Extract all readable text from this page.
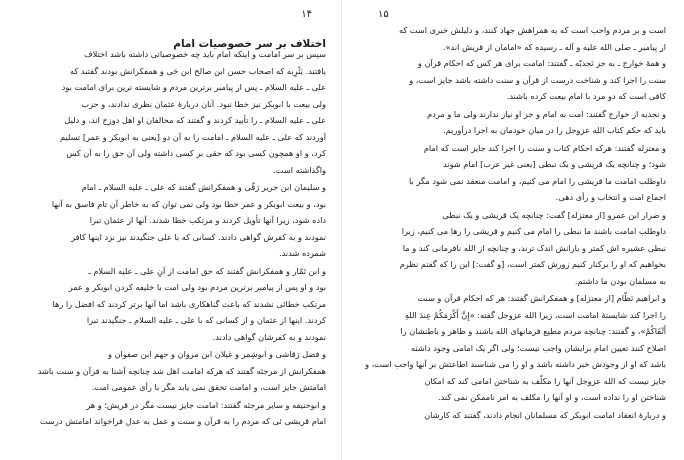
۱۵
است و بر مردم واجب است که به همراهش جهاد کنند، و دلیلش خبری است که
از پیامبر ـ صلی الله علیه و آله ـ رسیده که «امامان از قریش اند».
و همهٔ خوارج ـ به جز نَجدیّه ـ گفتند: امامت برای هر کس که احکام قرآن و
سنت را اجرا کند و شناخت درست از قرآن و سنت داشته باشد جایز است، و
کافی است که دو مرد با امام بیعت کرده باشند.
و نجدیه از خوارج گفتند: امت به امام و جز او نیاز ندارند ولی ما و مردم
باید که حکم کتاب الله عزوجل را در میان خودمان به اجرا درآوریم.
و معتزله گفتند: هرکه احکام کتاب و سنت را اجرا کند جایز است که امام
شود؛ و چنانچه یک قریشی و یک نبطی [یعنی غیر عرب] امام شوند
داوطلب امامت ما قریشی را امام می کنیم، و امامت منعقد نمی شود مگر با
اجماع امت و انتخاب و رأی دهی.
و ضرار ابن عمرو [از معتزله] گفت: چنانچه یک قریشی و یک نبطی
داوطلب امامت باشند ما نبطی را امام می کنیم و قریشی را رها می کنیم، زیرا
نبطی عشیره اش کمتر و یارانش اندک ترند، و چنانچه از الله نافرمانی کند و ما
بخواهیم که او را برکنار کنیم زورش کمتر است، [و گفت:] این را که گفتم نظرم
به مسلمان بودن ما داشتم.
و ابراهیم نَظّام [از معتزله] و همفکرانش گفتند: هر که احکام قرآن و سنت
را اجرا کند شایستهٔ امامت است، زیرا الله عزوجل گفته: «إِنَّ أَكْرَمَكُمْ عِندَ اللهِ
أَتْقَاكُمْ»، و گفتند: چنانچه مردم مطیع فرمانهای الله باشند و ظاهر و باطنشان را
اصلاح کنند تعیین امام برایشان واجب نیست؛ ولی اگر یک امامی وجود داشته
باشد که او از وجودش خبر داشته باشد و او را می شناسند اطاعتش بر آنها واجب است، و
جایز نیست که الله عزوجل آنها را مکلّف به شناختن امامی کند که امکان
شناختن او را نداده است، و او آنها را مکلف به امر ناممکن نمی کند.
و دربارهٔ انعقاد امامت ابوبکر که مسلمانان انجام دادند، گفتند که کارشان
۱۴
اختلاف بر سر خصوصیات امام
سپس بر سر امامت و اینکه امام باید چه خصوصیاتی داشته باشد اختلاف
یافتند. یَثْرِبه که اصحاب حسن ابن صالح ابن حَی و همفکرانش بودند گفتند که
علی ـ علیه السلام ـ پس از پیامبر برترین مردم و شایسته ترین برای امامت بود
ولی بیعت با ابوبکر نیز خطا نبود. آنان دربارهٔ عثمان نظری ندادند، و حزب
علی ـ علیه السلام ـ را تأیید کردند و گفتند که مخالفان او اهل دوزخ اند، و دلیل
آوردند که علی ـ علیه السلام ـ امامت را به آن دو [یعنی به ابوبکر و عمر] تسلیم
کرد، و او همچون کسی بود که حقی بر کسی داشته ولی آن حق را به آن کس
واگذاشته است.
و سلیمان ابن جریر رَقّی و همفکرانش گفتند که علی ـ علیه السلام ـ امام
بود، و بیعت ابوبکر و عمر خطا بود ولی نمی توان که به خاطر آن تام فاسق به آنها
داده شود، زیرا آنها تأویل کردند و مرتکب خطا شدند. آنها از عثمان تبرا
نمودند و به کفرش گواهی دادند. کسانی که با علی جنگیدند نیز نزد اینها کافر
شمرده شدند.
و ابن تَمّار و همفکرانش گفتند که حق امامت از آنِ علی ـ علیه السلام ـ
بود و او پس از پیامبر برترین مردم بود ولی امت با خلیفه کردن ابوبکر و عمر
مرتکب خطائی نشدند که باعث گناهکاری باشد اما آنها برتر کردند که افضل را رها
کردند. اینها از عثمان و از کسانی که با علی ـ علیه السلام ـ جنگیدند تبرا
نمودند و به کفرشان گواهی دادند.
و فضل رَقاشی و ابوشِمر و غیلان ابن مروان و جهم ابن صفوان و
همفکرانش از مرجئه گفتند که هرکه امامت اهل شد چنانچه آشنا به قرآن و سنت باشد
امامتش جایز است، و امامت تحقق نمی یابد مگر با رأی عمومی امت.
و ابوحنیفه و سایر مرجئه گفتند: امامت جایز نیست مگر در قریش؛ و هر
امام قریشی ئی که مردم را به قرآن و سنت و عمل به عدل فراخواند امامتش درست
